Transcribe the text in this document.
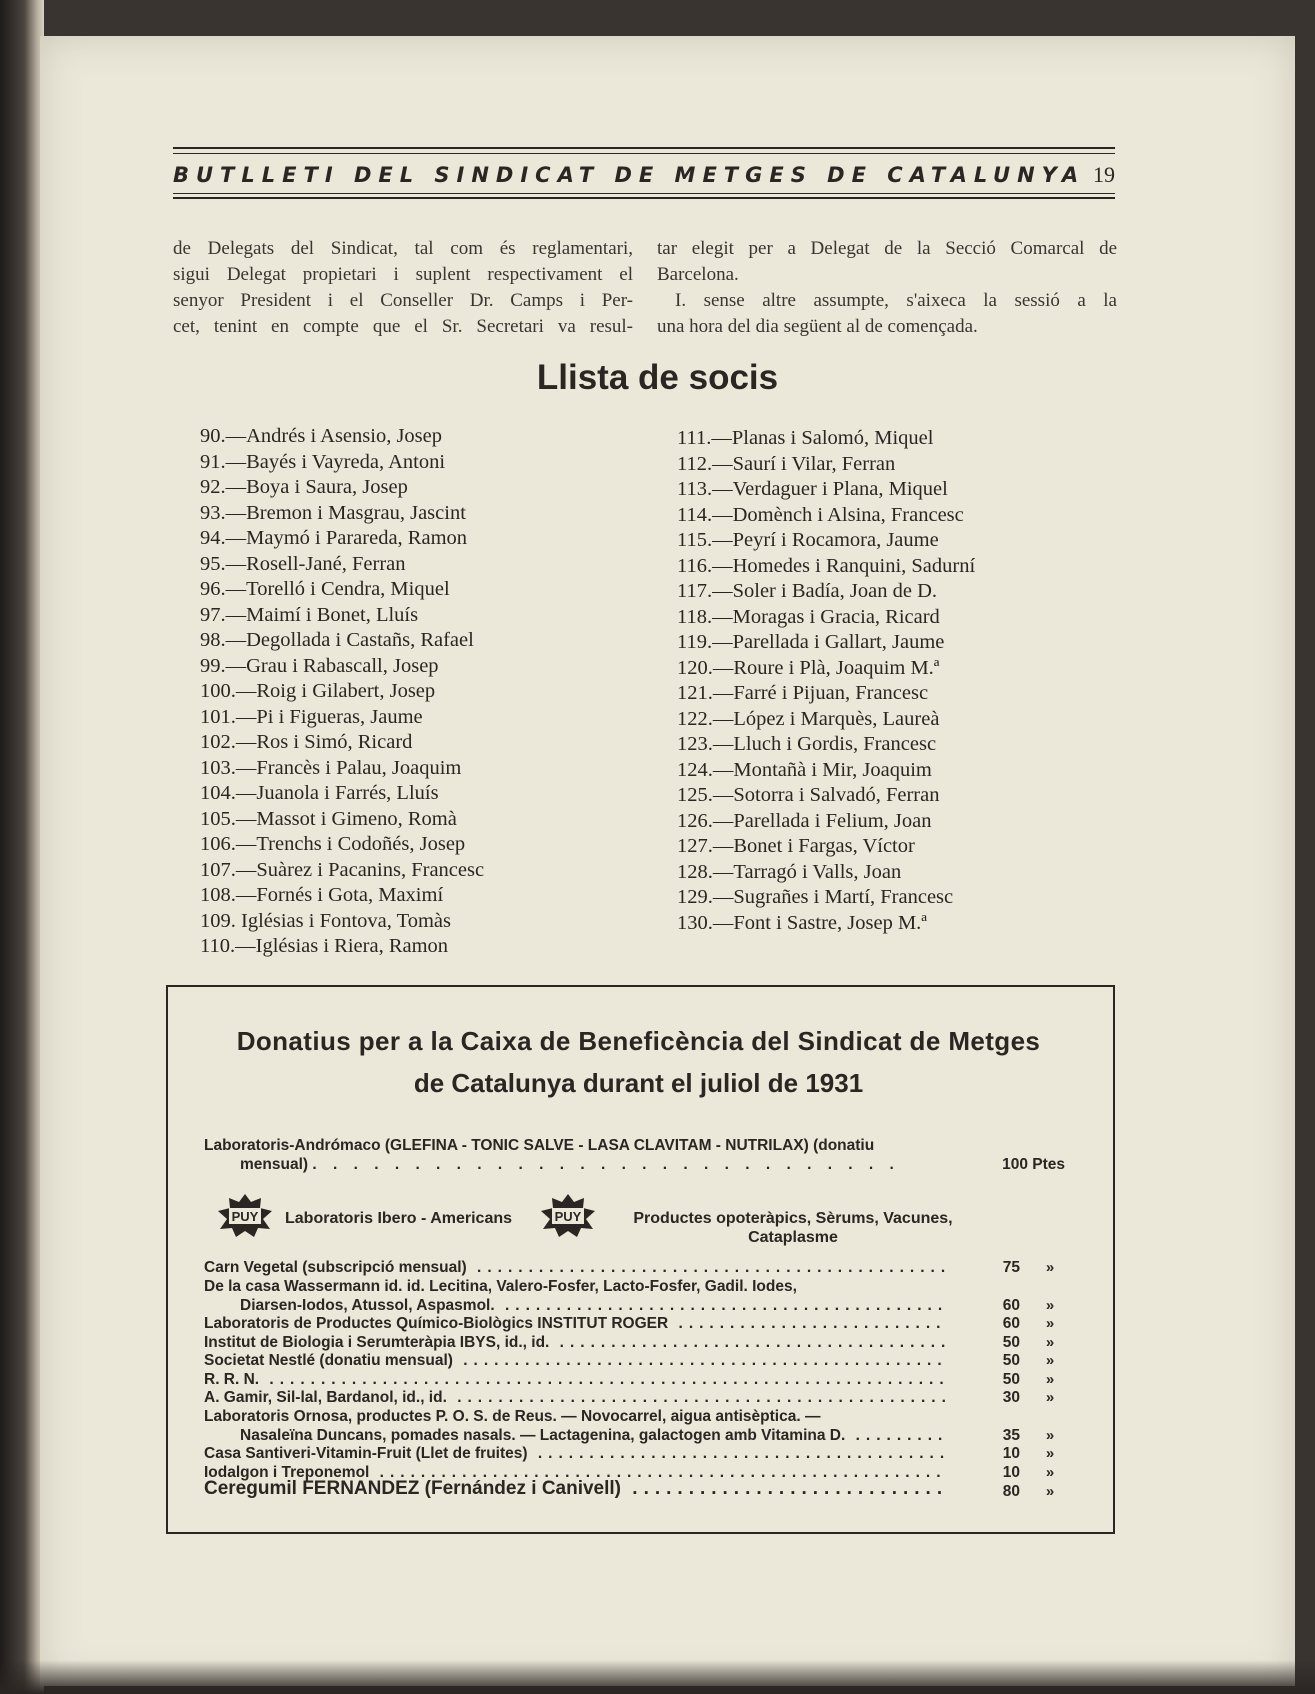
BUTLLETI DEL SINDICAT DE METGES DE CATALUNYA 19

de Delegats del Sindicat, tal com és reglamentari,

sigui Delegat propietari i suplent respectivament el

senyor President i el Conseller Dr. Camps i Per-

cet, tenint en compte que el Sr. Secretari va resul-

tar elegit per a Delegat de la Secció Comarcal de

Barcelona.

I. sense altre assumpte, s'aixeca la sessió a la

una hora del dia següent al de començada.

Llista de socis
90.—Andrés i Asensio, Josep
91.—Bayés i Vayreda, Antoni
92.—Boya i Saura, Josep
93.—Bremon i Masgrau, Jascint
94.—Maymó i Parareda, Ramon
95.—Rosell-Jané, Ferran
96.—Torelló i Cendra, Miquel
97.—Maimí i Bonet, Lluís
98.—Degollada i Castañs, Rafael
99.—Grau i Rabascall, Josep
100.—Roig i Gilabert, Josep
101.—Pi i Figueras, Jaume
102.—Ros i Simó, Ricard
103.—Francès i Palau, Joaquim
104.—Juanola i Farrés, Lluís
105.—Massot i Gimeno, Romà
106.—Trenchs i Codoñés, Josep
107.—Suàrez i Pacanins, Francesc
108.—Fornés i Gota, Maximí
109. Iglésias i Fontova, Tomàs
110.—Iglésias i Riera, Ramon
111.—Planas i Salomó, Miquel
112.—Saurí i Vilar, Ferran
113.—Verdaguer i Plana, Miquel
114.—Domènch i Alsina, Francesc
115.—Peyrí i Rocamora, Jaume
116.—Homedes i Ranquini, Sadurní
117.—Soler i Badía, Joan de D.
118.—Moragas i Gracia, Ricard
119.—Parellada i Gallart, Jaume
120.—Roure i Plà, Joaquim M.ª
121.—Farré i Pijuan, Francesc
122.—López i Marquès, Laureà
123.—Lluch i Gordis, Francesc
124.—Montañà i Mir, Joaquim
125.—Sotorra i Salvadó, Ferran
126.—Parellada i Felium, Joan
127.—Bonet i Fargas, Víctor
128.—Tarragó i Valls, Joan
129.—Sugrañes i Martí, Francesc
130.—Font i Sastre, Josep M.ª
Donatius per a la Caixa de Beneficència del Sindicat de Metges
de Catalunya durant el juliol de 1931
Laboratoris-Andrómaco (GLEFINA - TONIC SALVE - LASA CLAVITAM - NUTRILAX) (donatiu
mensual) . . . . . . . . . . . . . . . . . . . . . . . . . . . . .	100 Ptes
PUY Laboratoris Ibero - Americans	PUY	Productes opoteràpics, Sèrums, Vacunes,
Cataplasme
Carn Vegetal (subscripció mensual) ..............................................	75	»
De la casa Wassermann id. id. Lecitina, Valero-Fosfer, Lacto-Fosfer, Gadil. Iodes,
Diarsen-Iodos, Atussol, Aspasmol. ...........................................	60	»
Laboratoris de Productes Químico-Biològics INSTITUT ROGER ..........................	60	»
Institut de Biologia i Serumteràpia IBYS, id., id. ......................................	50	»
Societat Nestlé (donatiu mensual) ...............................................	50	»
R. R. N. ..................................................................	50	»
A. Gamir, Sil-lal, Bardanol, id., id. ................................................	30	»
Laboratoris Ornosa, productes P. O. S. de Reus. — Novocarrel, aigua antisèptica. —
Nasaleïna Duncans, pomades nasals. — Lactagenina, galactogen amb Vitamina D. .........	35	»
Casa Santiveri-Vitamin-Fruit (Llet de fruites) ........................................	10	»
Iodalgon i Treponemol .......................................................	10	»
Ceregumil FERNANDEZ (Fernández i Canivell) ............................	80	»
